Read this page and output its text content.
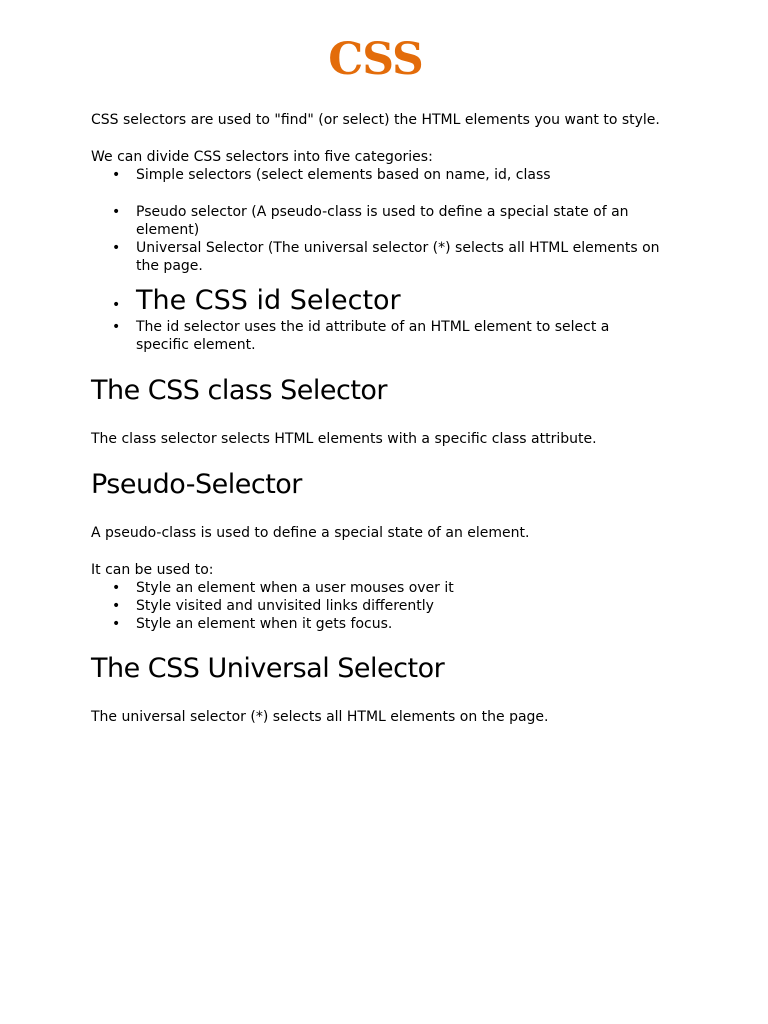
CSS

CSS selectors are used to "find" (or select) the HTML elements you want to style.

We can divide CSS selectors into five categories:

• Simple selectors (select elements based on name, id, class
• Pseudo selector (A pseudo-class is used to define a special state of an element)
• Universal Selector (The universal selector (*) selects all HTML elements on the page.
• The CSS id Selector
• The id selector uses the id attribute of an HTML element to select a specific element.
The CSS class Selector

The class selector selects HTML elements with a specific class attribute.

Pseudo-Selector

A pseudo-class is used to define a special state of an element.

It can be used to:

• Style an element when a user mouses over it
• Style visited and unvisited links differently
• Style an element when it gets focus.
The CSS Universal Selector

The universal selector (*) selects all HTML elements on the page.
